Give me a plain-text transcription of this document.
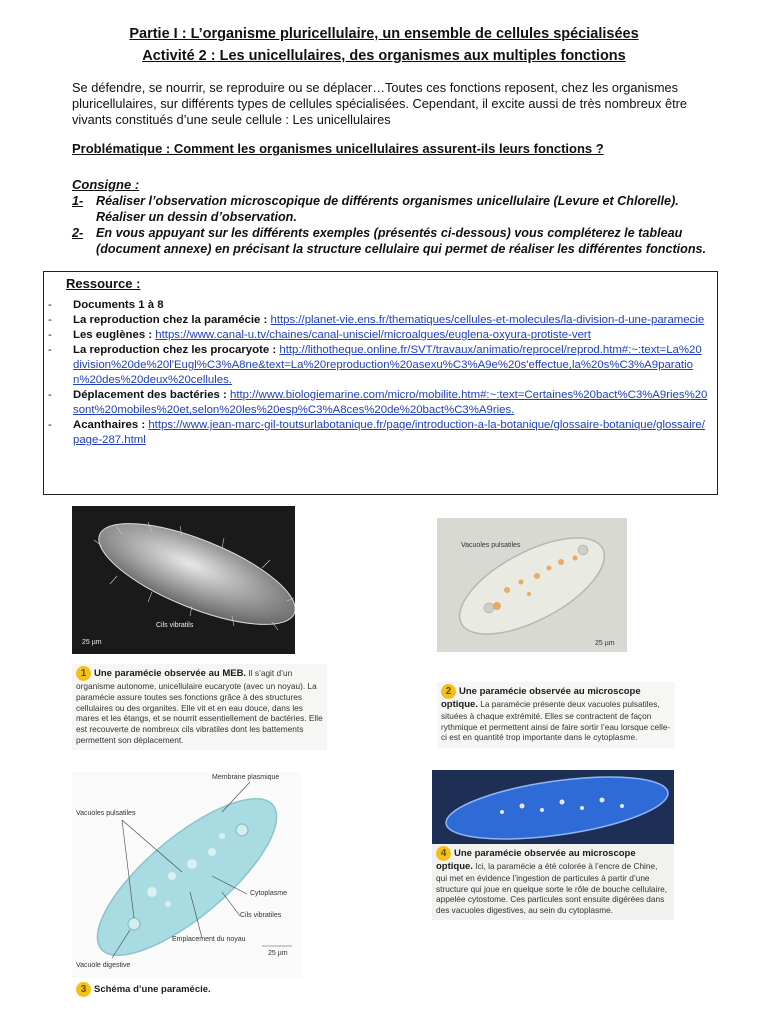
Partie I : L’organisme pluricellulaire, un ensemble de cellules spécialisées
Activité 2 : Les unicellulaires, des organismes aux multiples fonctions
Se défendre, se nourrir, se reproduire ou se déplacer…Toutes ces fonctions reposent, chez les organismes pluricellulaires, sur différents types de cellules spécialisées. Cependant, il excite aussi de très nombreux être vivants constitués d’une seule cellule : Les unicellulaires
Problématique : Comment les organismes unicellulaires assurent-ils leurs fonctions ?
Consigne :
1- Réaliser l’observation microscopique de différents organismes unicellulaire (Levure et Chlorelle).
Réaliser un dessin d’observation.
2- En vous appuyant sur les différents exemples (présentés ci-dessous) vous compléterez le tableau
(document annexe) en précisant la structure cellulaire qui permet de réaliser les différentes fonctions.
Ressource :
-	Documents 1 à 8
-	La reproduction chez la paramécie : https://planet-vie.ens.fr/thematiques/cellules-et-molecules/la-division-d-une-paramecie
-	Les euglènes : https://www.canal-u.tv/chaines/canal-unisciel/microalgues/euglena-oxyura-protiste-vert
-	La reproduction chez les procaryote : http://lithotheque.online.fr/SVT/travaux/animatio/reprocel/reprod.htm#:~:text=La%20division%20de%20l'Eugl%C3%A8ne&text=La%20reproduction%20asexu%C3%A9e%20s'effectue,la%20s%C3%A9paration%20des%20deux%20cellules.
-	Déplacement des bactéries : http://www.biologiemarine.com/micro/mobilite.htm#:~:text=Certaines%20bact%C3%A9ries%20sont%20mobiles%20et,selon%20les%20esp%C3%A8ces%20de%20bact%C3%A9ries.
-	Acanthaires : https://www.jean-marc-gil-toutsurlabotanique.fr/page/introduction-a-la-botanique/glossaire-botanique/glossaire/page-287.html
Cils vibratils
25 µm
1 Une paramécie observée au MEB. Il s’agit d’un organisme autonome, unicellulaire eucaryote (avec un noyau). La paramécie assure toutes ses fonctions grâce à des structures cellulaires ou des organites. Elle vit et en eau douce, dans les mares et les étangs, et se nourrit essentiellement de bactéries. Elle est recouverte de nombreux cils vibratiles dont les battements permettent son déplacement.
Vacuoles pulsatiles
25 µm
2 Une paramécie observée au microscope optique. La paramécie présente deux vacuoles pulsatiles, situées à chaque extrémité. Elles se contractent de façon rythmique et permettent ainsi de faire sortir l’eau lorsque celle-ci est en quantité trop importante dans le cytoplasme.
Membrane plasmique
Vacuoles pulsatiles
Cytoplasme
Cils vibratiles
Emplacement du noyau
Vacuole digestive
25 µm
3 Schéma d’une paramécie.
4 Une paramécie observée au microscope optique. Ici, la paramécie a été colorée à l’encre de Chine, qui met en évidence l’ingestion de particules à partir d’une structure qui joue en quelque sorte le rôle de bouche cellulaire, appelée cytostome. Ces particules sont ensuite digérées dans des vacuoles digestives, au sein du cytoplasme.
